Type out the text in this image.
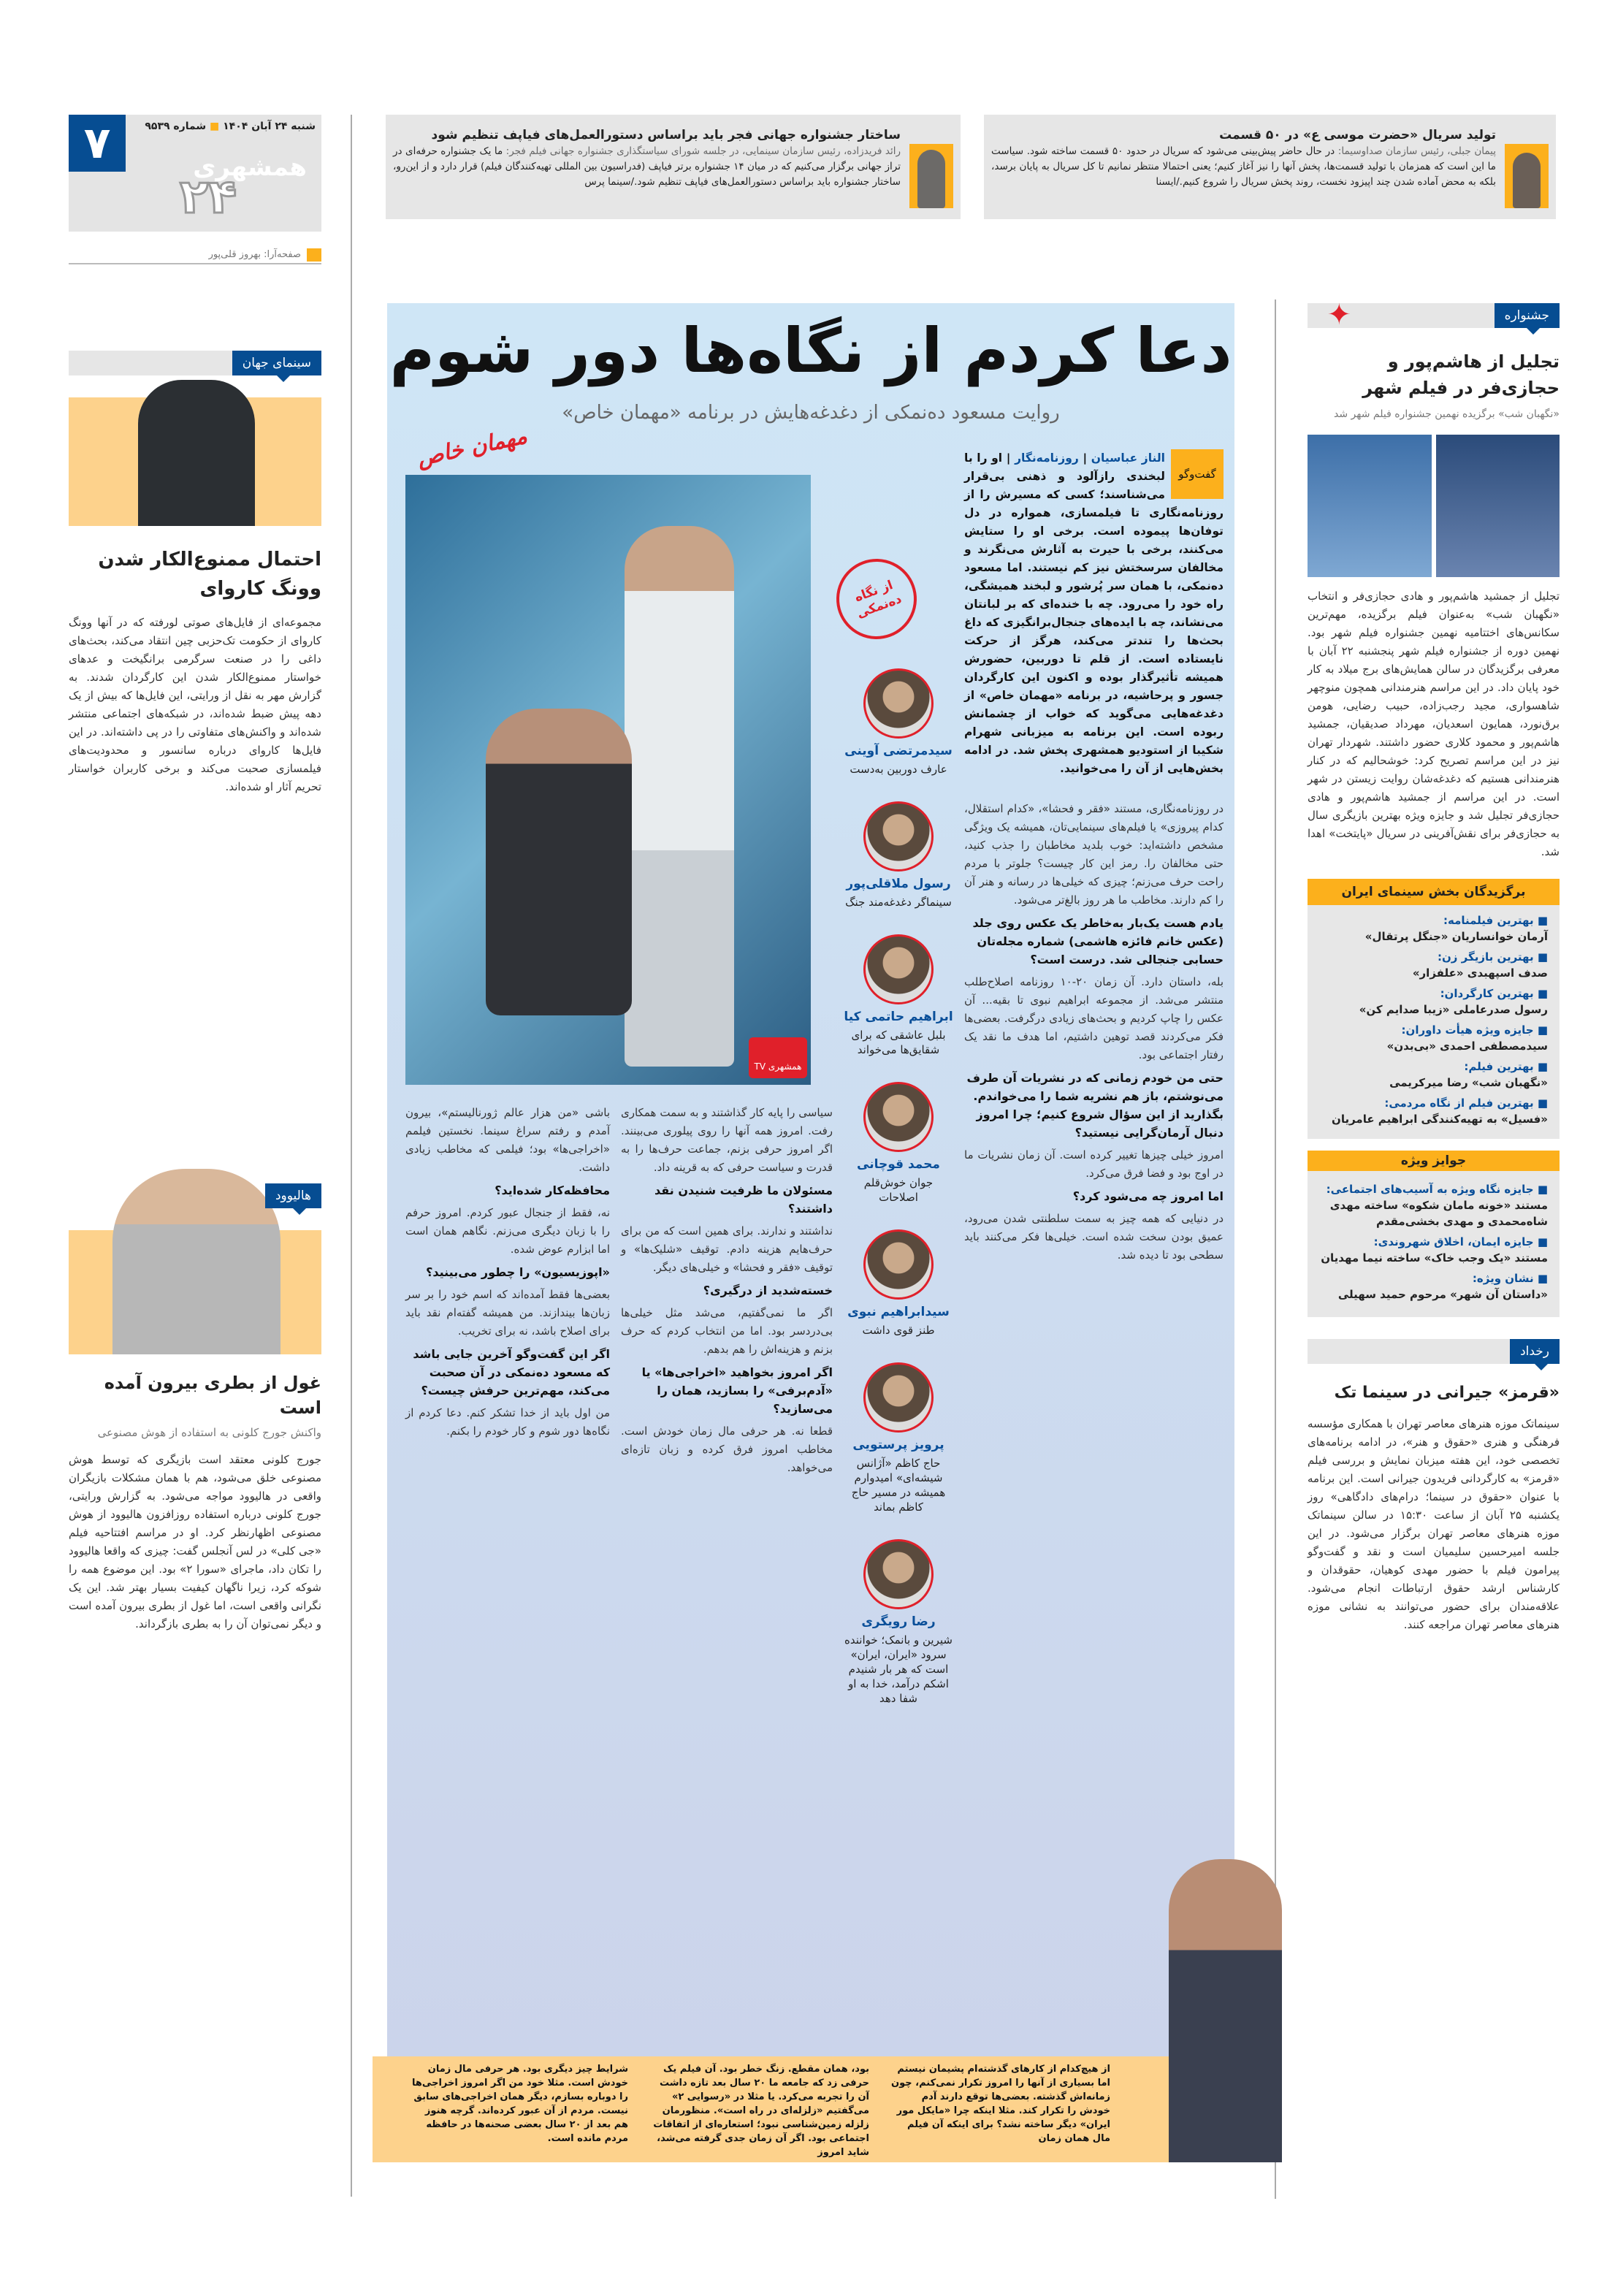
۷	شنبه ۲۴ آبان ۱۴۰۴ ■ شماره ۹۵۳۹
همشهری
۲۴
صفحه‌آرا: بهروز قلی‌پور
تولید سریال «حضرت موسی ع» در ۵۰ قسمت
پیمان جبلی، رئیس سازمان صداوسیما: در حال حاضر پیش‌بینی می‌شود که سریال در حدود ۵۰ قسمت ساخته شود. سیاست ما این است که همزمان با تولید قسمت‌ها، پخش آنها را نیز آغاز کنیم؛ یعنی احتمالا منتظر نمانیم تا کل سریال به پایان برسد، بلکه به محض آماده شدن چند اپیزود نخست، روند پخش سریال را شروع کنیم./ایسنا
ساختار جشنواره جهانی فجر باید براساس دستورالعمل‌های فیاپف تنظیم شود
رائد فریدزاده، رئیس سازمان سینمایی، در جلسه شورای سیاستگذاری جشنواره جهانی فیلم فجر: ما یک جشنواره حرفه‌ای در تراز جهانی برگزار می‌کنیم که در میان ۱۴ جشنواره برتر فیاپف (فدراسیون بین المللی تهیه‌کنندگان فیلم) قرار دارد و از این‌رو، ساختار جشنواره باید براساس دستورالعمل‌های فیاپف تنظیم شود./سینما پرس
سینمای جهان
احتمال ممنوع‌الکار شدن وونگ کاروای
مجموعه‌ای از فایل‌های صوتی لورفته که در آنها وونگ کاروای از حکومت تک‌حزبی چین انتقاد می‌کند، بحث‌های داغی را در صنعت سرگرمی برانگیخت و عدهای خواستار ممنوع‌الکار شدن این کارگردان شدند. به گزارش مهر به نقل از ورایتی، این فایل‌ها که بیش از یک دهه پیش ضبط شده‌اند، در شبکه‌های اجتماعی منتشر شده‌اند و واکنش‌های متفاوتی را در پی داشته‌اند. در این فایل‌ها کاروای درباره سانسور و محدودیت‌های فیلمسازی صحبت می‌کند و برخی کاربران خواستار تحریم آثار او شده‌اند.
هالیوود
غول از بطری بیرون آمده است
واکنش جورج کلونی به استفاده از هوش مصنوعی
جورج کلونی معتقد است بازیگری که توسط هوش مصنوعی خلق می‌شود، هم با همان مشکلات بازیگران واقعی در هالیوود مواجه می‌شود. به گزارش ورایتی، جورج کلونی درباره استفاده روزافزون هالیوود از هوش مصنوعی اظهارنظر کرد. او در مراسم افتتاحیه فیلم «جی کلی» در لس آنجلس گفت: چیزی که واقعا هالیوود را تکان داد، ماجرای «سورا ۲» بود. این موضوع همه را شوکه کرد، زیرا ناگهان کیفیت بسیار بهتر شد. این یک نگرانی واقعی است، اما غول از بطری بیرون آمده است و دیگر نمی‌توان آن را به بطری بازگرداند.
دعا کردم از نگاه‌ها دور شوم
روایت مسعود ده‌نمکی از دغدغه‌هایش در برنامه «مهمان خاص»
مهمان خاص
همشهری TV
از نگاه ده‌نمکی
سیدمرتضی آوینی
عارف دوربین به‌دست
رسول ملاقلی‌پور
سینماگر دغدغه‌مند جنگ
ابراهیم حاتمی کیا
بلبل عاشقی که برای شقایق‌ها می‌خواند
محمد قوچانی
جوان خوش‌قلم اصلاحات
سیدابراهیم نبوی
طنز قوی داشت
پرویز پرستویی
حاج کاظم «آژانس شیشه‌ای» امیدوارم همیشه در مسیر حاج کاظم بماند
رضا رویگری
شیرین و بانمک؛ خواننده سرود «ایران، ایران» است که هر بار شنیدم اشکم درآمد، خدا به او شفا دهد
گفت‌وگو
الناز عباسیان | روزنامه‌نگار | او را با لبخندی رازآلود و ذهنی بی‌قرار می‌شناسند؛ کسی که مسیرش را از روزنامه‌نگاری تا فیلمسازی، همواره در دل توفان‌ها پیموده است. برخی او را ستایش می‌کنند، برخی با حیرت به آثارش می‌نگرند و مخالفان سرسختش نیز کم نیستند. اما مسعود ده‌نمکی، با همان سر پُرشور و لبخند همیشگی، راه خود را می‌رود. چه با خنده‌ای که بر لبانتان می‌نشاند، چه با ایده‌های جنجال‌برانگیزی که داغ بحث‌ها را تندتر می‌کند، هرگز از حرکت نایستاده است. از قلم تا دوربین، حضورش همیشه تأثیرگذار بوده و اکنون این کارگردان جسور و پرحاشیه، در برنامه «مهمان خاص» از دغدغه‌هایی می‌گوید که خواب از چشمانش ربوده است. این برنامه به میزبانی شهرام شکیبا از استودیو همشهری پخش شد. در ادامه بخش‌هایی از آن را می‌خوانید.
در روزنامه‌نگاری، مستند «فقر و فحشا»، «کدام استقلال، کدام پیروزی» یا فیلم‌های سینمایی‌تان، همیشه یک ویژگی مشخص داشته‌اید: خوب بلدید مخاطبان را جذب کنید، حتی مخالفان را. رمز این کار چیست؟ جلوتر با مردم راحت حرف می‌زنم؛ چیزی که خیلی‌ها در رسانه و هنر آن را کم دارند. مخاطب ما هر روز بالغ‌تر می‌شود.
یادم هست یک‌بار به‌خاطر یک عکس روی جلد (عکس خانم فائزه هاشمی) شماره مجله‌تان حسابی جنجالی شد. درست است؟
بله، داستان دارد. آن زمان ۲۰-۱۰ روزنامه اصلاح‌طلب منتشر می‌شد. از مجموعه ابراهیم نبوی تا بقیه... آن عکس را چاپ کردیم و بحث‌های زیادی درگرفت. بعضی‌ها فکر می‌کردند قصد توهین داشتیم، اما هدف ما نقد یک رفتار اجتماعی بود.
حتی من خودم زمانی که در نشریات آن طرف می‌نوشتم، باز هم نشریه شما را می‌خواندم. بگذارید از این سؤال شروع کنیم؛ چرا امروز دنبال آرمان‌گرایی نیستید؟
امروز خیلی چیزها تغییر کرده است. آن زمان نشریات ما در اوج بود و فضا فرق می‌کرد.
اما امروز چه می‌شود کرد؟
در دنیایی که همه چیز به سمت سلطنتی شدن می‌رود، عمیق بودن سخت شده است. خیلی‌ها فکر می‌کنند باید سطحی بود تا دیده شد.
سیاسی را پایه کار گذاشتند و به سمت همکاری رفت. امروز همه آنها را روی پیلوری می‌بینند. اگر امروز حرفی بزنم، جماعت حرف‌ها را به قدرت و سیاست حرفی که به قرینه داد.
مسئولان ما ظرفیت شنیدن نقد داشتند؟
نداشتند و ندارند. برای همین است که من برای حرف‌هایم هزینه دادم. توقیف «شلیک‌ها» و توقیف «فقر و فحشا» و خیلی‌های دیگر.
خسته‌شدید از درگیری؟
اگر ما نمی‌گفتیم، می‌شد مثل خیلی‌ها بی‌دردسر بود. اما من انتخاب کردم که حرف بزنم و هزینه‌اش را هم بدهم.
اگر امروز بخواهید «اخراجی‌ها» یا «آدم‌برفی» را بسازید، همان را می‌سازید؟
قطعا نه. هر حرفی مال زمان خودش است. مخاطب امروز فرق کرده و زبان تازه‌ای می‌خواهد.
باشی «من هزار عالم ژورنالیستم»، بیرون آمدم و رفتم سراغ سینما. نخستین فیلمم «اخراجی‌ها» بود؛ فیلمی که مخاطب زیادی داشت.
محافظه‌کار شده‌اید؟
نه، فقط از جنجال عبور کردم. امروز حرفم را با زبان دیگری می‌زنم. نگاهم همان است اما ابزارم عوض شده.
«اپوزیسیون» را چطور می‌بینید؟
بعضی‌ها فقط آمده‌اند که اسم خود را بر سر زبان‌ها بیندازند. من همیشه گفته‌ام نقد باید برای اصلاح باشد، نه برای تخریب.
اگر این گفت‌وگو آخرین جایی باشد که مسعود ده‌نمکی در آن صحبت می‌کند، مهم‌ترین حرفش چیست؟
من اول باید از خدا تشکر کنم. دعا کردم از نگاه‌ها دور شوم و کار خودم را بکنم.
از هیچ‌کدام از کارهای گذشته‌ام پشیمان نیستم اما بسیاری از آنها را امروز تکرار نمی‌کنم، چون زمانه‌اش گذشته. بعضی‌ها توقع دارند آدم خودش را تکرار کند. مثلا اینکه چرا «مایکل مور ایران» دیگر ساخته نشد؟ برای اینکه آن فیلم مال همان زمان
بود، همان مقطع. زنگ خطر بود. آن فیلم یک حرفی زد که جامعه ما ۲۰ سال بعد تازه داشت آن را تجربه می‌کرد. یا مثلا در «رسوایی ۲» می‌گفتیم «زلزله‌ای در راه است». منظورمان زلزله زمین‌شناسی نبود؛ استعاره‌ای از اتفاقات اجتماعی بود. اگر آن زمان جدی گرفته می‌شد، شاید امروز
شرایط چیز دیگری بود. هر حرفی مال زمان خودش است. مثلا خود من اگر امروز اخراجی‌ها را دوباره بسازم، دیگر همان اخراجی‌های سابق نیست. مردم از آن عبور کرده‌اند. گرچه هنوز هم بعد از ۲۰ سال بعضی صحنه‌ها در حافظه مردم مانده است.
جشنواره
✦
تجلیل از هاشم‌پور و حجازی‌فر در فیلم شهر
«نگهبان شب» برگزیده نهمین جشنواره فیلم شهر شد
تجلیل از جمشید هاشم‌پور و هادی حجازی‌فر و انتخاب «نگهبان شب» به‌عنوان فیلم برگزیده، مهم‌ترین سکانس‌های اختتامیه نهمین جشنواره فیلم شهر بود. نهمین دوره از جشنواره فیلم شهر پنجشنبه ۲۲ آبان با معرفی برگزیدگان در سالن همایش‌های برج میلاد به کار خود پایان داد. در این مراسم هنرمندانی همچون منوچهر شاهسواری، مجید رجب‌زاده، حبیب رضایی، هومن برق‌نورد، همایون اسعدیان، مهرداد صدیقیان، جمشید هاشم‌پور و محمود کلاری حضور داشتند. شهردار تهران نیز در این مراسم تصریح کرد: خوشحالیم که در کنار هنرمندانی هستیم که دغدغه‌شان روایت زیستن در شهر است. در این مراسم از جمشید هاشم‌پور و هادی حجازی‌فر تجلیل شد و جایزه ویژه بهترین بازیگری سال به حجازی‌فر برای نقش‌آفرینی در سریال «پایتخت» اهدا شد.
برگزیدگان بخش سینمای ایران
■ بهترین فیلمنامه:
آرمان خوانساریان «جنگل پرتقال»
■ بهترین بازیگر زن:
صدف اسپهبدی «علفزار»
■ بهترین کارگردان:
رسول صدرعاملی «زیبا صدایم کن»
■ جایزه ویژه هیأت داوران:
سیدمصطفی احمدی «بی‌بدن»
■ بهترین فیلم:
«نگهبان شب» رضا میرکریمی
■ بهترین فیلم از نگاه مردمی:
«فسیل» به تهیه‌کنندگی ابراهیم عامریان
جوایز ویژه
■ جایزه نگاه ویژه به آسیب‌های اجتماعی:
مستند «خونه مامان شکوه» ساخته مهدی شاه‌محمدی و مهدی بخشی‌مقدم
■ جایزه ایمان، اخلاق شهروندی:
مستند «یک وجب خاک» ساخته نیما مهدیان
■ نشان ویژه:
«داستان آن شهر» مرحوم حمید سهیلی
رخداد
«قرمز» جیرانی در سینما تک
سینماتک موزه هنرهای معاصر تهران با همکاری مؤسسه فرهنگی و هنری «حقوق و هنر»، در ادامه برنامه‌های تخصصی خود، این هفته میزبان نمایش و بررسی فیلم «قرمز» به کارگردانی فریدون جیرانی است. این برنامه با عنوان «حقوق در سینما؛ درام‌های دادگاهی» روز یکشنبه ۲۵ آبان از ساعت ۱۵:۳۰ در سالن سینماتک موزه هنرهای معاصر تهران برگزار می‌شود. در این جلسه امیرحسین سلیمیان است و نقد و گفت‌وگو پیرامون فیلم با حضور مهدی کوهیان، حقوقدان و کارشناس ارشد حقوق ارتباطات انجام می‌شود. علاقه‌مندان برای حضور می‌توانند به نشانی موزه هنرهای معاصر تهران مراجعه کنند.
